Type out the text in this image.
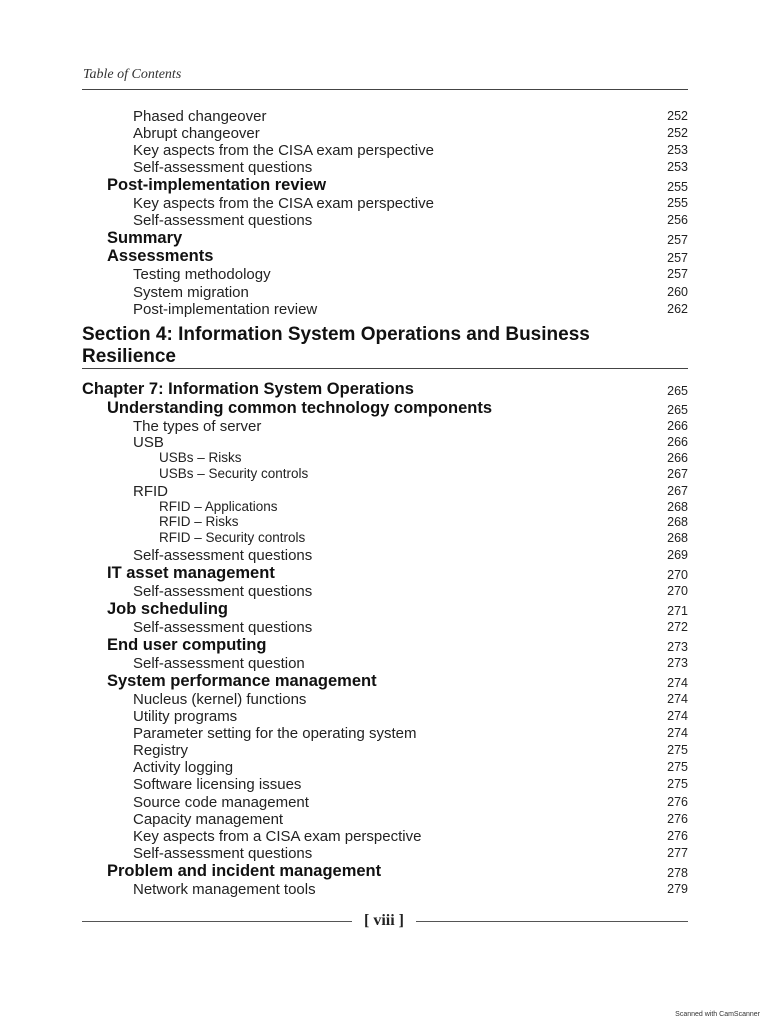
Table of Contents
Phased changeover	252
Abrupt changeover	252
Key aspects from the CISA exam perspective	253
Self-assessment questions	253
Post-implementation review	255
Key aspects from the CISA exam perspective	255
Self-assessment questions	256
Summary	257
Assessments	257
Testing methodology	257
System migration	260
Post-implementation review	262
Section 4: Information System Operations and Business Resilience
Chapter 7: Information System Operations	265
Understanding common technology components	265
The types of server	266
USB	266
USBs – Risks	266
USBs – Security controls	267
RFID	267
RFID – Applications	268
RFID – Risks	268
RFID – Security controls	268
Self-assessment questions	269
IT asset management	270
Self-assessment questions	270
Job scheduling	271
Self-assessment questions	272
End user computing	273
Self-assessment question	273
System performance management	274
Nucleus (kernel) functions	274
Utility programs	274
Parameter setting for the operating system	274
Registry	275
Activity logging	275
Software licensing issues	275
Source code management	276
Capacity management	276
Key aspects from a CISA exam perspective	276
Self-assessment questions	277
Problem and incident management	278
Network management tools	279
[ viii ]
Scanned with CamScanner
